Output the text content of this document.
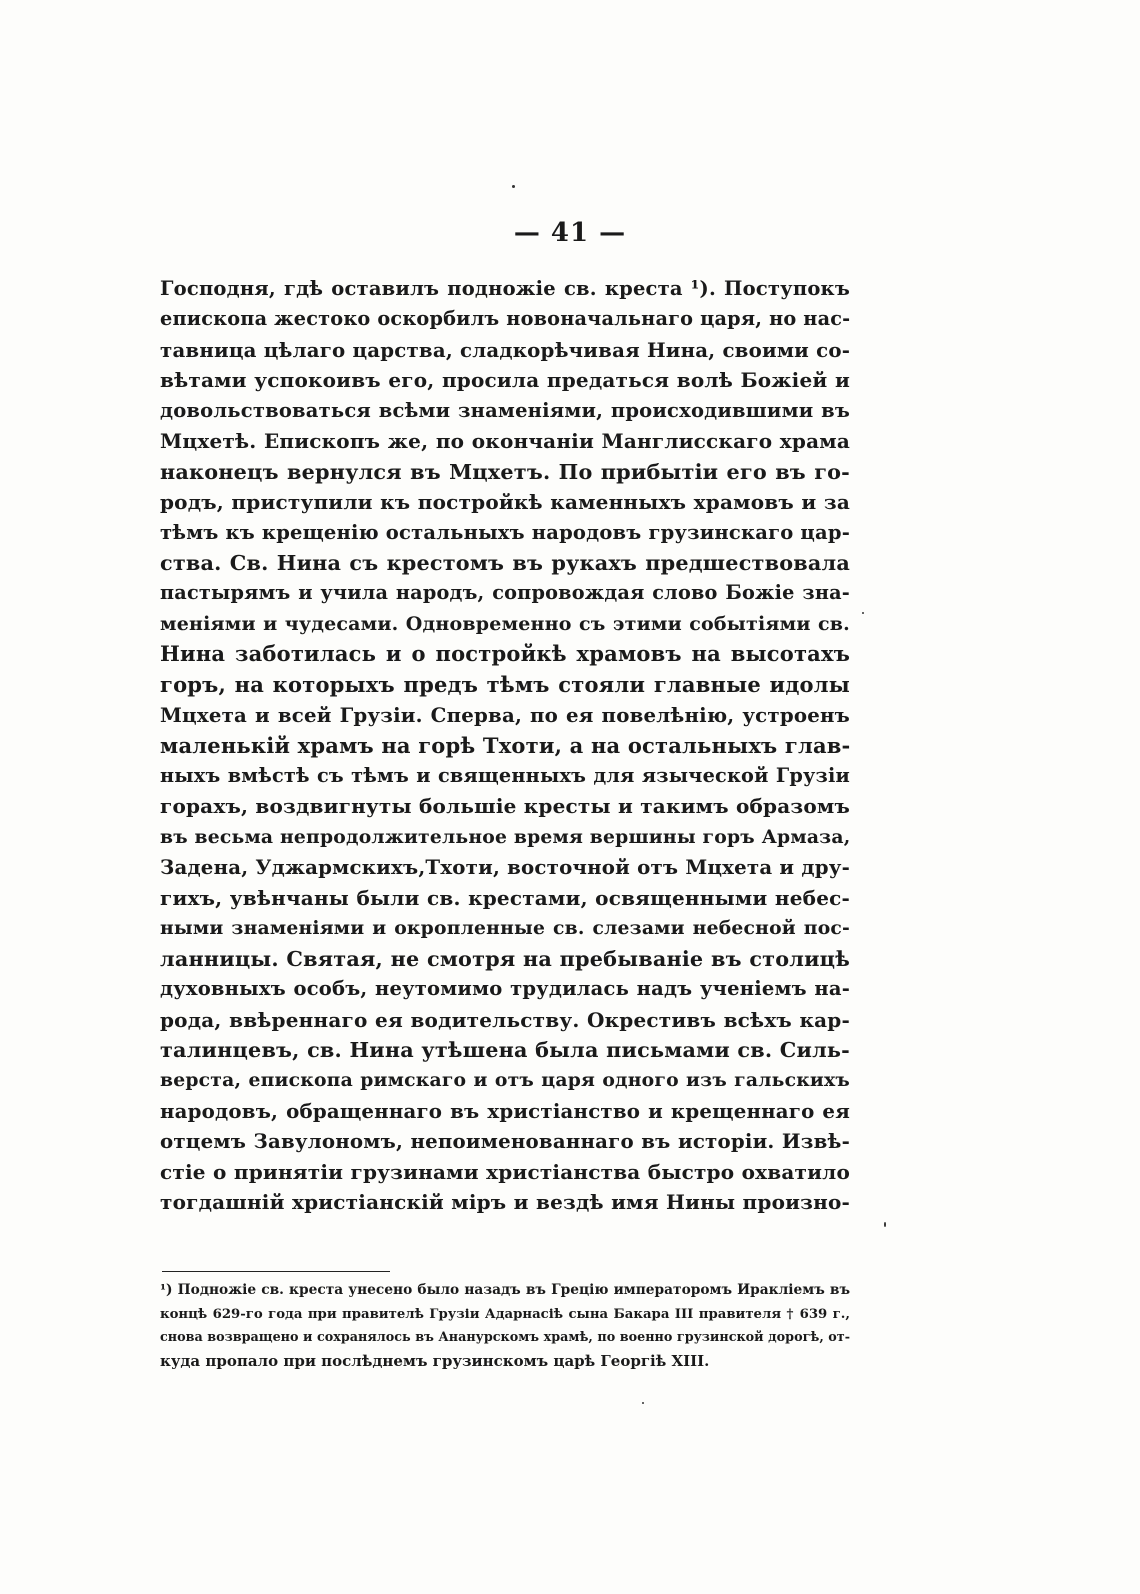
— 41 —
Господня, гдѣ оставилъ подножіе св. креста ¹). Поступокъ
епископа жестоко оскорбилъ новоначальнаго царя, но нас-
тавница цѣлаго царства, сладкорѣчивая Нина, своими со-
вѣтами успокоивъ его, просила предаться волѣ Божіей и
довольствоваться всѣми знаменіями, происходившими въ
Мцхетѣ. Епископъ же, по окончаніи Манглисскаго храма
наконецъ вернулся въ Мцхетъ. По прибытіи его въ го-
родъ, приступили къ постройкѣ каменныхъ храмовъ и за
тѣмъ къ крещенію остальныхъ народовъ грузинскаго цар-
ства. Св. Нина съ крестомъ въ рукахъ предшествовала
пастырямъ и учила народъ, сопровождая слово Божіе зна-
меніями и чудесами. Одновременно съ этими событіями св.
Нина заботилась и о постройкѣ храмовъ на высотахъ
горъ, на которыхъ предъ тѣмъ стояли главные идолы
Мцхета и всей Грузіи. Сперва, по ея повелѣнію, устроенъ
маленькій храмъ на горѣ Тхоти, а на остальныхъ глав-
ныхъ вмѣстѣ съ тѣмъ и священныхъ для языческой Грузіи
горахъ, воздвигнуты большіе кресты и такимъ образомъ
въ весьма непродолжительное время вершины горъ Армаза,
Задена, Уджармскихъ,Тхоти, восточной отъ Мцхета и дру-
гихъ, увѣнчаны были св. крестами, освященными небес-
ными знаменіями и окропленные св. слезами небесной пос-
ланницы. Святая, не смотря на пребываніе въ столицѣ
духовныхъ особъ, неутомимо трудилась надъ ученіемъ на-
рода, ввѣреннаго ея водительству. Окрестивъ всѣхъ кар-
талинцевъ, св. Нина утѣшена была письмами св. Силь-
верста, епископа римскаго и отъ царя одного изъ гальскихъ
народовъ, обращеннаго въ христіанство и крещеннаго ея
отцемъ Завулономъ, непоименованнаго въ исторіи. Извѣ-
стіе о принятіи грузинами христіанства быстро охватило
тогдашній христіанскій міръ и вездѣ имя Нины произно-
¹) Подножіе св. креста унесено было назадъ въ Грецію императоромъ Иракліемъ въ
концѣ 629-го года при правителѣ Грузіи Адарнасіѣ сына Бакара III правителя † 639 г.,
снова возвращено и сохранялось въ Ананурскомъ храмѣ, по военно грузинской дорогѣ, от-
куда пропало при послѣднемъ грузинскомъ царѣ Георгіѣ XIII.
